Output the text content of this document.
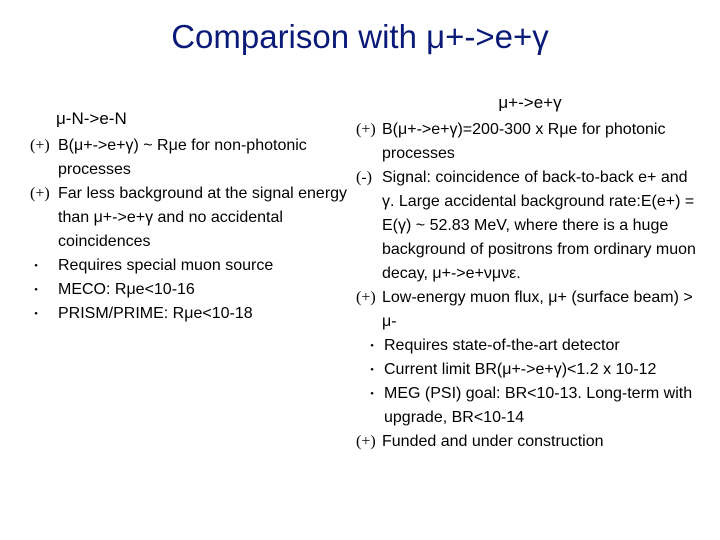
Comparison with μ+->e+γ
μ-N->e-N
(+) B(μ+->e+γ) ~ Rμe for non-photonic processes
(+) Far less background at the signal energy than μ+->e+γ and no accidental coincidences
• Requires special muon source
• MECO: Rμe<10-16
• PRISM/PRIME: Rμe<10-18
μ+->e+γ
(+) B(μ+->e+γ)=200-300 x Rμe for photonic processes
(-) Signal: coincidence of back-to-back e+ and γ. Large accidental background rate:E(e+) = E(γ) ~ 52.83 MeV, where there is a huge background of positrons from ordinary muon decay, μ+->e+νμνε.
(+) Low-energy muon flux, μ+ (surface beam) > μ-
• Requires state-of-the-art detector
• Current limit BR(μ+->e+γ)<1.2 x 10-12
• MEG (PSI) goal: BR<10-13. Long-term with upgrade, BR<10-14
(+) Funded and under construction
